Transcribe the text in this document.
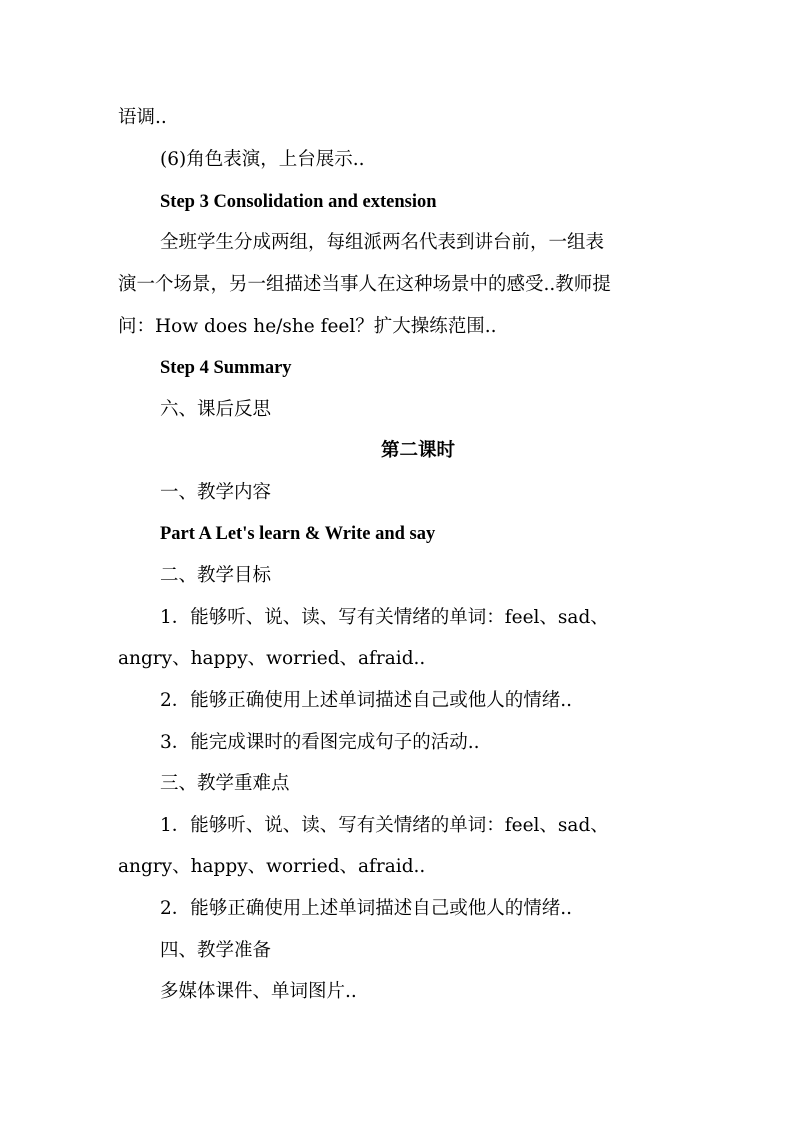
语调..
(6)角色表演，上台展示..
Step 3 Consolidation and extension
全班学生分成两组，每组派两名代表到讲台前，一组表
演一个场景，另一组描述当事人在这种场景中的感受..教师提
问：How does he/she feel？扩大操练范围..
Step 4 Summary
六、课后反思
第二课时
一、教学内容
Part A Let's learn & Write and say
二、教学目标
1．能够听、说、读、写有关情绪的单词：feel、sad、
angry、happy、worried、afraid..
2．能够正确使用上述单词描述自己或他人的情绪..
3．能完成课时的看图完成句子的活动..
三、教学重难点
1．能够听、说、读、写有关情绪的单词：feel、sad、
angry、happy、worried、afraid..
2．能够正确使用上述单词描述自己或他人的情绪..
四、教学准备
多媒体课件、单词图片..
